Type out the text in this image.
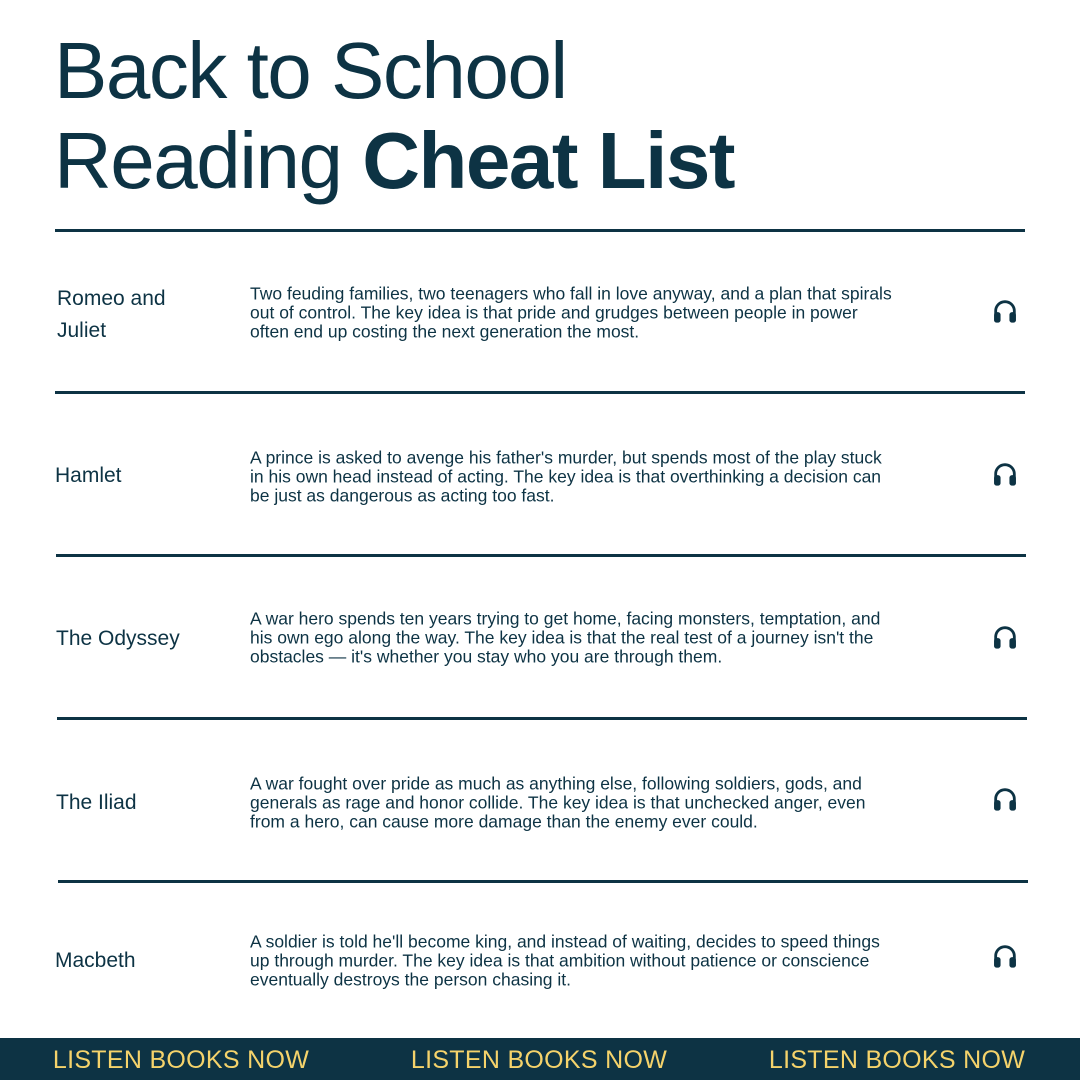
Back to School
Reading Cheat List
Romeo and Juliet
Two feuding families, two teenagers who fall in love anyway, and a plan that spirals out of control. The key idea is that pride and grudges between people in power often end up costing the next generation the most.
Hamlet
A prince is asked to avenge his father's murder, but spends most of the play stuck in his own head instead of acting. The key idea is that overthinking a decision can be just as dangerous as acting too fast.
The Odyssey
A war hero spends ten years trying to get home, facing monsters, temptation, and his own ego along the way. The key idea is that the real test of a journey isn't the obstacles — it's whether you stay who you are through them.
The Iliad
A war fought over pride as much as anything else, following soldiers, gods, and generals as rage and honor collide. The key idea is that unchecked anger, even from a hero, can cause more damage than the enemy ever could.
Macbeth
A soldier is told he'll become king, and instead of waiting, decides to speed things up through murder. The key idea is that ambition without patience or conscience eventually destroys the person chasing it.
LISTEN BOOKS NOW	LISTEN BOOKS NOW	LISTEN BOOKS NOW
